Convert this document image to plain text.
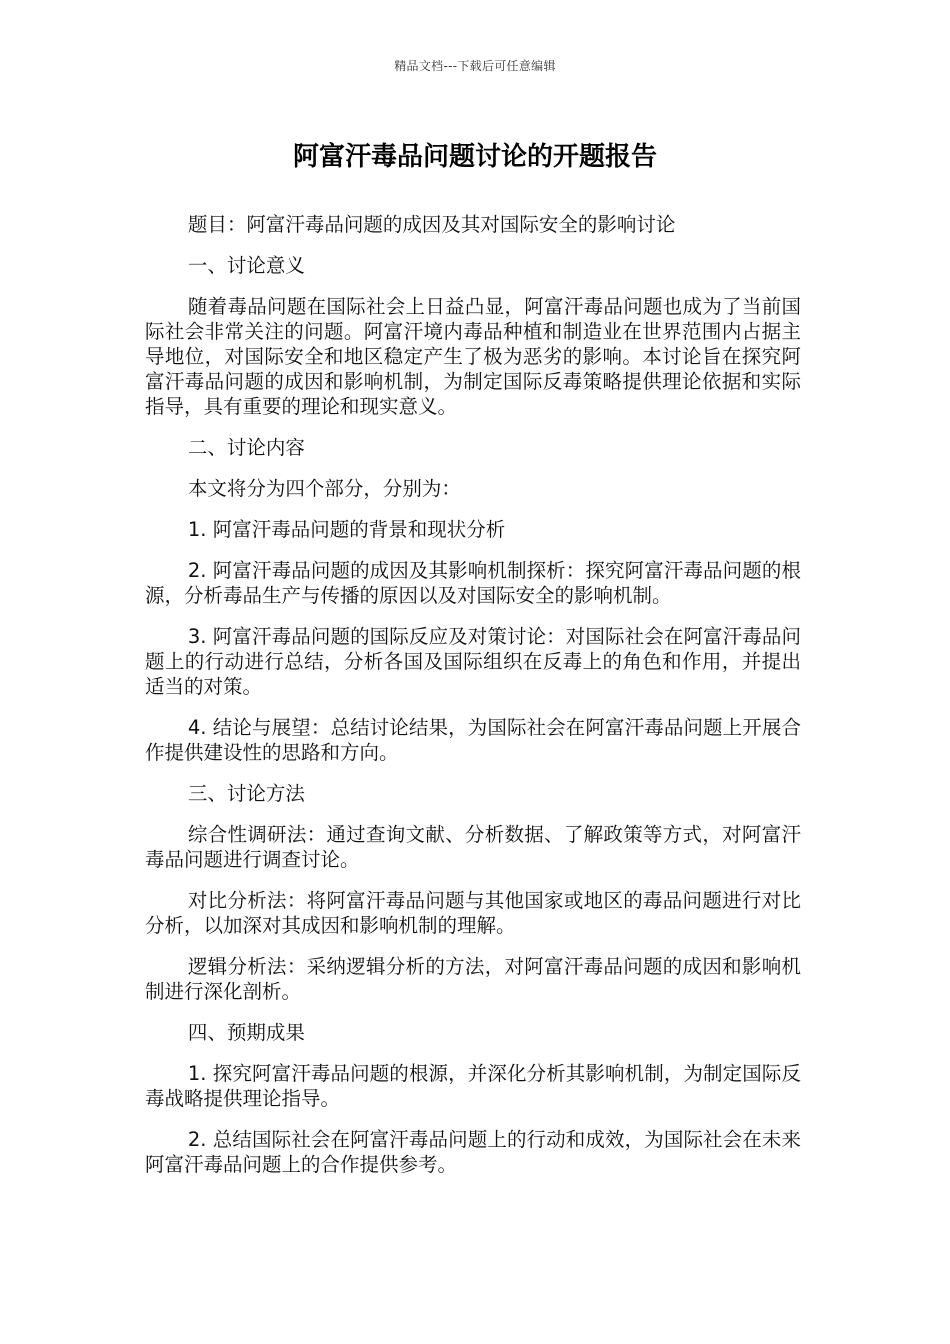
精品文档---下载后可任意编辑
阿富汗毒品问题讨论的开题报告

题目：阿富汗毒品问题的成因及其对国际安全的影响讨论

一、讨论意义

随着毒品问题在国际社会上日益凸显，阿富汗毒品问题也成为了当前国际社会非常关注的问题。阿富汗境内毒品种植和制造业在世界范围内占据主导地位，对国际安全和地区稳定产生了极为恶劣的影响。本讨论旨在探究阿富汗毒品问题的成因和影响机制，为制定国际反毒策略提供理论依据和实际指导，具有重要的理论和现实意义。

二、讨论内容

本文将分为四个部分，分别为：

1. 阿富汗毒品问题的背景和现状分析

2. 阿富汗毒品问题的成因及其影响机制探析：探究阿富汗毒品问题的根源，分析毒品生产与传播的原因以及对国际安全的影响机制。

3. 阿富汗毒品问题的国际反应及对策讨论：对国际社会在阿富汗毒品问题上的行动进行总结，分析各国及国际组织在反毒上的角色和作用，并提出适当的对策。

4. 结论与展望：总结讨论结果，为国际社会在阿富汗毒品问题上开展合作提供建设性的思路和方向。

三、讨论方法

综合性调研法：通过查询文献、分析数据、了解政策等方式，对阿富汗毒品问题进行调查讨论。

对比分析法：将阿富汗毒品问题与其他国家或地区的毒品问题进行对比分析，以加深对其成因和影响机制的理解。

逻辑分析法：采纳逻辑分析的方法，对阿富汗毒品问题的成因和影响机制进行深化剖析。

四、预期成果

1. 探究阿富汗毒品问题的根源，并深化分析其影响机制，为制定国际反毒战略提供理论指导。

2. 总结国际社会在阿富汗毒品问题上的行动和成效，为国际社会在未来阿富汗毒品问题上的合作提供参考。
